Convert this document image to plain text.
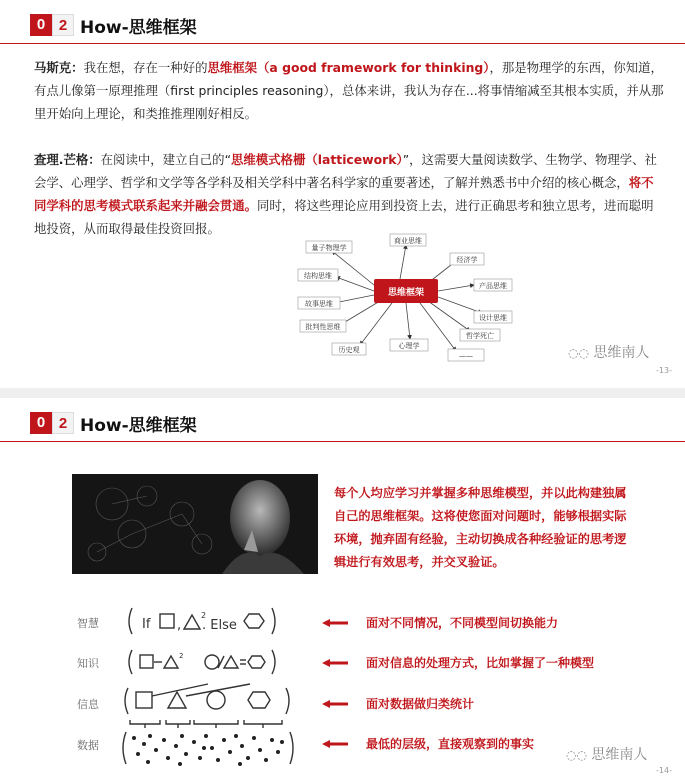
0 2 How-思维框架
马斯克：我在想，存在一种好的思维框架（a good framework for thinking），那是物理学的东西，你知道，有点儿像第一原理推理（first principles reasoning），总体来讲，我认为存在...将事情缩减至其根本实质，并从那里开始向上理论，和类推推理刚好相反。
查理.芒格：在阅读中，建立自己的“思维模式格栅（latticework）”，这需要大量阅读数学、生物学、物理学、社会学、心理学、哲学和文学等各学科及相关学科中著名科学家的重要著述，了解并熟悉书中介绍的核心概念，将不同学科的思考模式联系起来并融会贯通。同时，将这些理论应用到投资上去，进行正确思考和独立思考，进而聪明地投资，从而取得最佳投资回报。
思维框架
量子物理学
商业思维
经济学
结构思维
产品思维
故事思维
设计思维
批判性思维
哲学死亡
历史观	心理学
——	◌◌ 思维南人
-13-
0 2 How-思维框架
每个人均应学习并掌握多种思维模型，并以此构建独属自己的思维框架。这将使您面对问题时，能够根据实际环境，抛弃固有经验，主动切换成各种经验证的思考逻辑进行有效思考，并交叉验证。
智慧
知识
信息
数据
If ,
2
. Else
2
面对不同情况，不同模型间切换能力
面对信息的处理方式，比如掌握了一种模型
面对数据做归类统计
最低的层级，直接观察到的事实
◌◌ 思维南人
-14-
